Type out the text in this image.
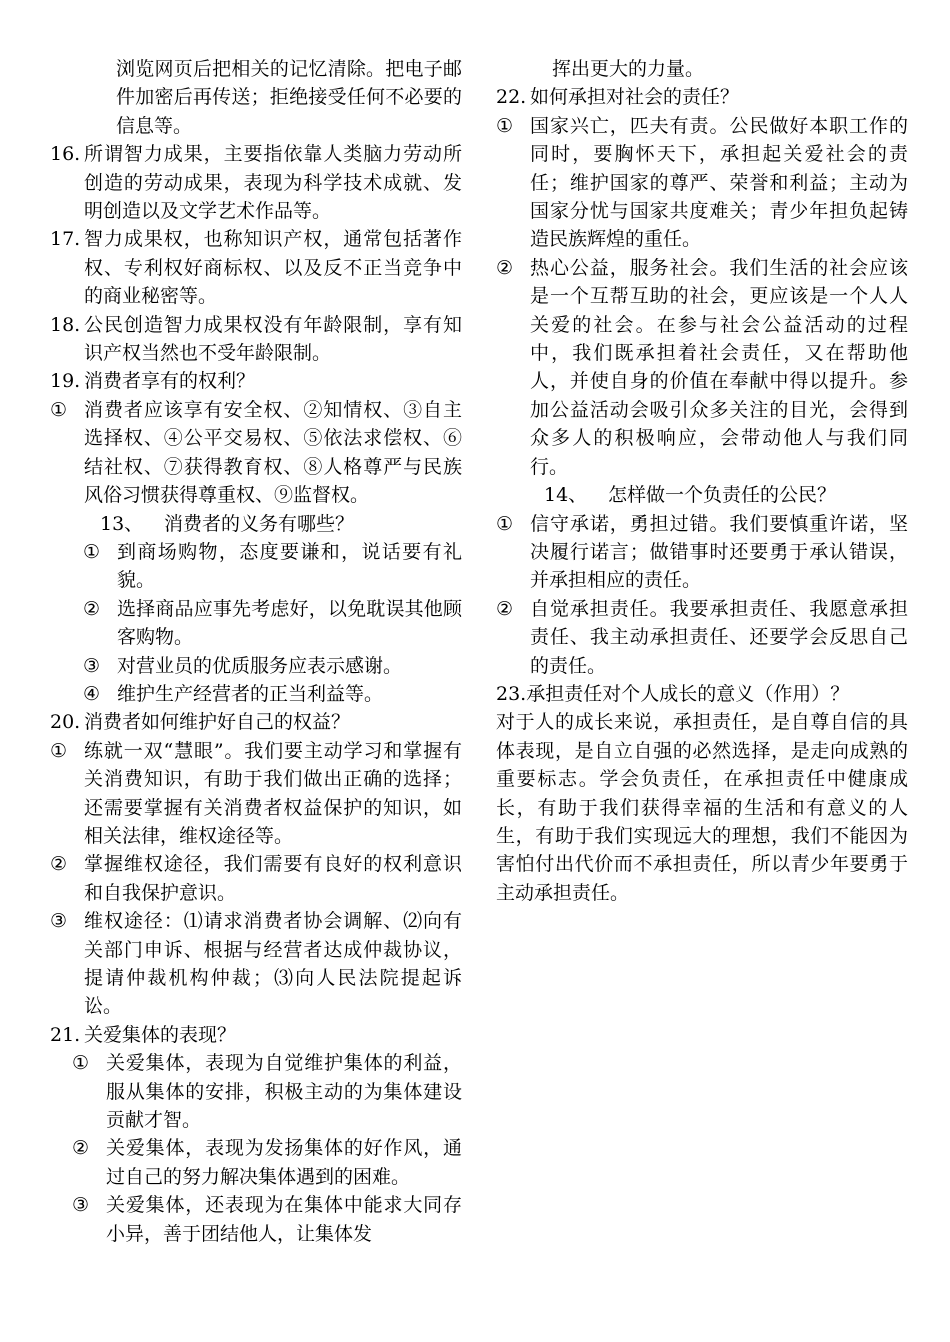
浏览网页后把相关的记忆清除。把电子邮件加密后再传送；拒绝接受任何不必要的信息等。

16. 所谓智力成果，主要指依靠人类脑力劳动所创造的劳动成果，表现为科学技术成就、发明创造以及文学艺术作品等。
17. 智力成果权，也称知识产权，通常包括著作权、专利权好商标权、以及反不正当竞争中的商业秘密等。
18. 公民创造智力成果权没有年龄限制，享有知识产权当然也不受年龄限制。
19. 消费者享有的权利？
① 消费者应该享有安全权、②知情权、③自主选择权、④公平交易权、⑤依法求偿权、⑥结社权、⑦获得教育权、⑧人格尊严与民族风俗习惯获得尊重权、⑨监督权。
13、 消费者的义务有哪些？
① 到商场购物，态度要谦和，说话要有礼貌。
② 选择商品应事先考虑好，以免耽误其他顾客购物。
③ 对营业员的优质服务应表示感谢。
④ 维护生产经营者的正当利益等。
20. 消费者如何维护好自己的权益？
① 练就一双“慧眼”。我们要主动学习和掌握有关消费知识，有助于我们做出正确的选择；还需要掌握有关消费者权益保护的知识，如相关法律，维权途径等。
② 掌握维权途径，我们需要有良好的权利意识和自我保护意识。
③ 维权途径：⑴请求消费者协会调解、⑵向有关部门申诉、根据与经营者达成仲裁协议，提请仲裁机构仲裁；⑶向人民法院提起诉讼。
21. 关爱集体的表现？
① 关爱集体，表现为自觉维护集体的利益，服从集体的安排，积极主动的为集体建设贡献才智。
② 关爱集体，表现为发扬集体的好作风，通过自己的努力解决集体遇到的困难。
③ 关爱集体，还表现为在集体中能求大同存小异，善于团结他人，让集体发

挥出更大的力量。

22. 如何承担对社会的责任？
① 国家兴亡，匹夫有责。公民做好本职工作的同时，要胸怀天下，承担起关爱社会的责任；维护国家的尊严、荣誉和利益；主动为国家分忧与国家共度难关；青少年担负起铸造民族辉煌的重任。
② 热心公益，服务社会。我们生活的社会应该是一个互帮互助的社会，更应该是一个人人关爱的社会。在参与社会公益活动的过程中，我们既承担着社会责任，又在帮助他人，并使自身的价值在奉献中得以提升。参加公益活动会吸引众多关注的目光，会得到众多人的积极响应，会带动他人与我们同行。
14、 怎样做一个负责任的公民？
① 信守承诺，勇担过错。我们要慎重许诺，坚决履行诺言；做错事时还要勇于承认错误，并承担相应的责任。
② 自觉承担责任。我要承担责任、我愿意承担责任、我主动承担责任、还要学会反思自己的责任。

23.承担责任对个人成长的意义（作用）？

对于人的成长来说，承担责任，是自尊自信的具体表现，是自立自强的必然选择，是走向成熟的重要标志。学会负责任，在承担责任中健康成长，有助于我们获得幸福的生活和有意义的人生，有助于我们实现远大的理想，我们不能因为害怕付出代价而不承担责任，所以青少年要勇于主动承担责任。
